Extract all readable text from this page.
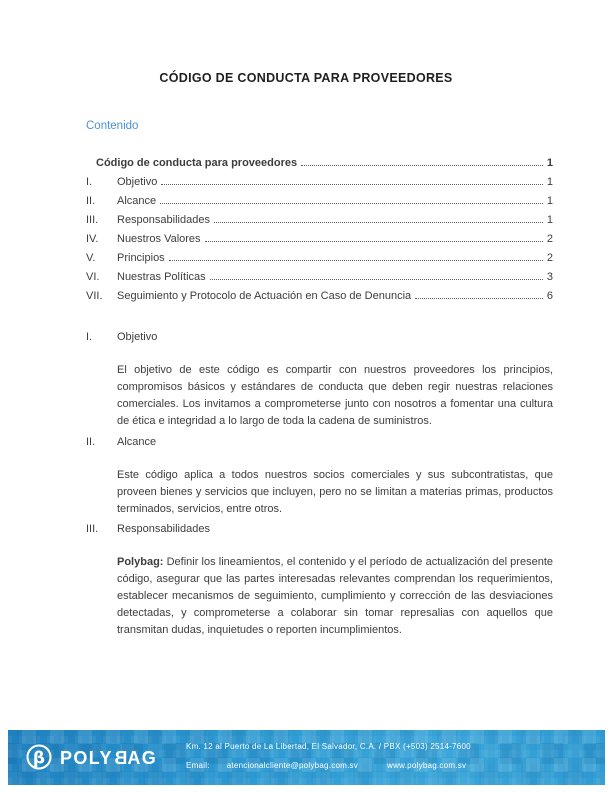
CÓDIGO DE CONDUCTA PARA PROVEEDORES
Contenido
Código de conducta para proveedores	1
I.	Objetivo	1
II.	Alcance	1
III.	Responsabilidades	1
IV.	Nuestros Valores	2
V.	Principios	2
VI.	Nuestras Políticas	3
VII.	Seguimiento y Protocolo de Actuación en Caso de Denuncia	6
I.	Objetivo
El objetivo de este código es compartir con nuestros proveedores los principios, compromisos básicos y estándares de conducta que deben regir nuestras relaciones comerciales. Los invitamos a comprometerse junto con nosotros a fomentar una cultura de ética e integridad a lo largo de toda la cadena de suministros.
II.	Alcance
Este código aplica a todos nuestros socios comerciales y sus subcontratistas, que proveen bienes y servicios que incluyen, pero no se limitan a materias primas, productos terminados, servicios, entre otros.
III.	Responsabilidades
Polybag: Definir los lineamientos, el contenido y el período de actualización del presente código, asegurar que las partes interesadas relevantes comprendan los requerimientos, establecer mecanismos de seguimiento, cumplimiento y corrección de las desviaciones detectadas, y comprometerse a colaborar sin tomar represalias con aquellos que transmitan dudas, inquietudes o reporten incumplimientos.
β POLYBAG
Km. 12 al Puerto de La Libertad, El Salvador, C.A. / PBX (+503) 2514-7600
Email: atencionalcliente@polybag.com.sv	www.polybag.com.sv
